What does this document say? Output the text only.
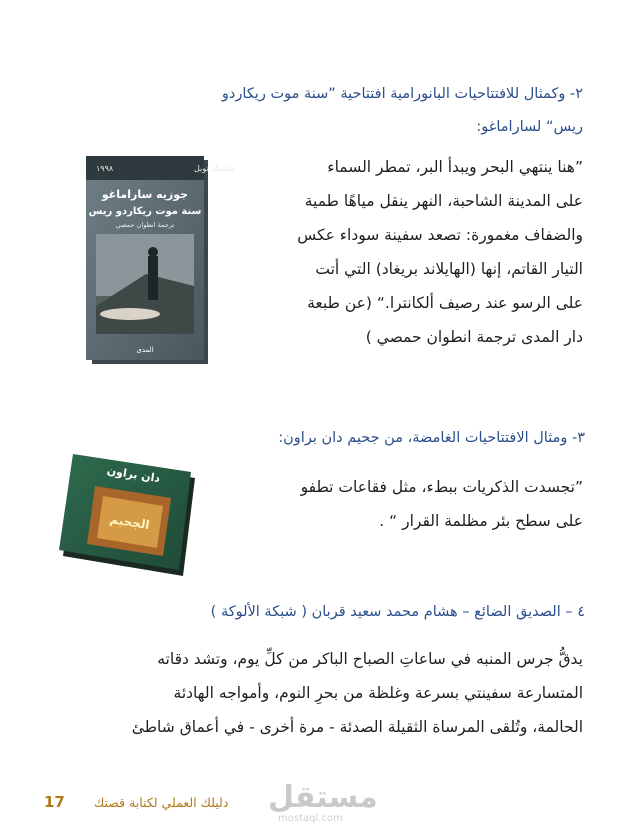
٢- وكمثال للافتتاحيات البانورامية افتتاحية ”سنة موت ريكاردو
ريس“ لساراماغو:
”هنا ينتهي البحر ويبدأ البر، تمطر السماء
على المدينة الشاحبة، النهر ينقل مياهًا طمية
والضفاف مغمورة: تصعد سفينة سوداء عكس
التيار القاتم، إنها (الهايلاند بريغاد) التي أتت
على الرسو عند رصيف ألكانترا.“ (عن طبعة
دار المدى ترجمة انطوان حمصي )
سلسلة نوبل
١٩٩٨
جوزيه ساراماغو
سنة موت ريكاردو ريس
ترجمة انطوان حمصي
المدى
٣- ومثال الافتتاحيات الغامضة، من جحيم دان براون:
”تجسدت الذكريات ببطء، مثل فقاعات تطفو
على سطح بئر مظلمة القرار “ .
دان براون
الجحيم
٤ – الصديق الضائع – هشام محمد سعيد قربان ( شبكة الألوكة )
يدقُّ جرس المنبه في ساعاتِ الصباح الباكر من كلِّ يوم، وتشد دقاته
المتسارعة سفينتي بسرعة وغلظة من بحرِ النوم، وأمواجه الهادئة
الحالمة، وتُلقى المرساة الثقيلة الصدئة - مرة أخرى - في أعماق شاطئ
17 دليلك العملي لكتابة قصتك مستقل
mostaql.com
